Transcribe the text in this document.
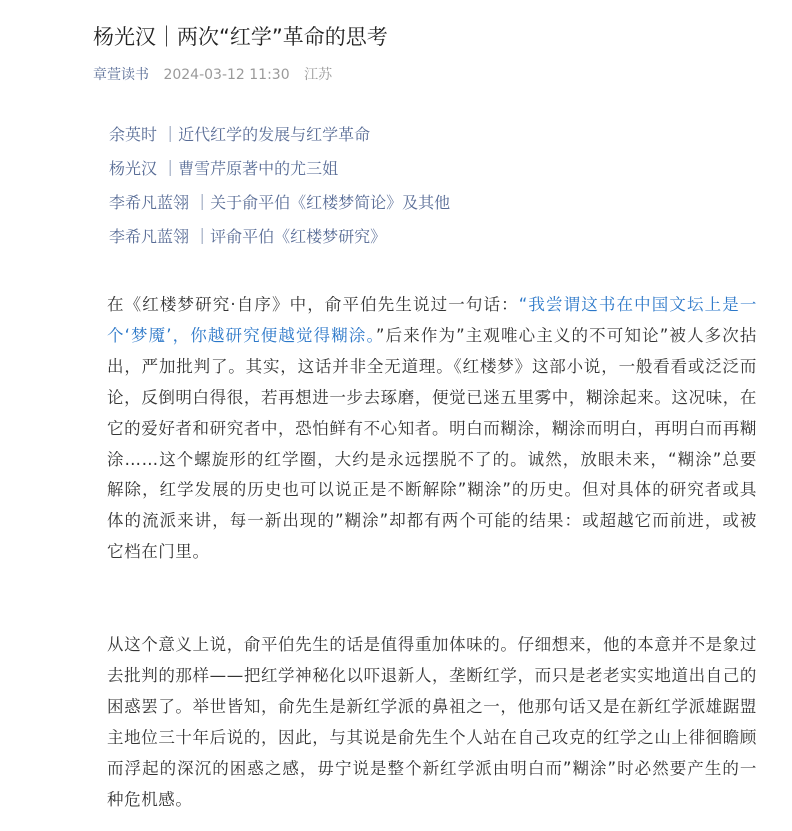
杨光汉｜两次“红学”革命的思考
章萱读书 2024-03-12 11:30 江苏
余英时 ｜近代红学的发展与红学革命
杨光汉 ｜曹雪芹原著中的尤三姐
李希凡蓝翎 ｜关于俞平伯《红楼梦简论》及其他
李希凡蓝翎 ｜评俞平伯《红楼梦研究》

在《红楼梦研究·自序》中，俞平伯先生说过一句话：“我尝谓这书在中国文坛上是一个‘梦魇’，你越研究便越觉得糊涂。”后来作为”主观唯心主义的不可知论”被人多次拈出，严加批判了。其实，这话并非全无道理。《红楼梦》这部小说，一般看看或泛泛而论，反倒明白得很，若再想进一步去琢磨，便觉已迷五里雾中，糊涂起来。这况味，在它的爱好者和研究者中，恐怕鲜有不心知者。明白而糊涂，糊涂而明白，再明白而再糊涂……这个螺旋形的红学圈，大约是永远摆脱不了的。诚然，放眼未来，“糊涂”总要解除，红学发展的历史也可以说正是不断解除”糊涂”的历史。但对具体的研究者或具体的流派来讲，每一新出现的”糊涂”却都有两个可能的结果：或超越它而前进，或被它档在门里。

从这个意义上说，俞平伯先生的话是值得重加体味的。仔细想来，他的本意并不是象过去批判的那样——把红学神秘化以吓退新人，垄断红学，而只是老老实实地道出自己的困惑罢了。举世皆知，俞先生是新红学派的鼻祖之一，他那句话又是在新红学派雄踞盟主地位三十年后说的，因此，与其说是俞先生个人站在自己攻克的红学之山上徘徊瞻顾而浮起的深沉的困惑之感，毋宁说是整个新红学派由明白而”糊涂”时必然要产生的一种危机感。
